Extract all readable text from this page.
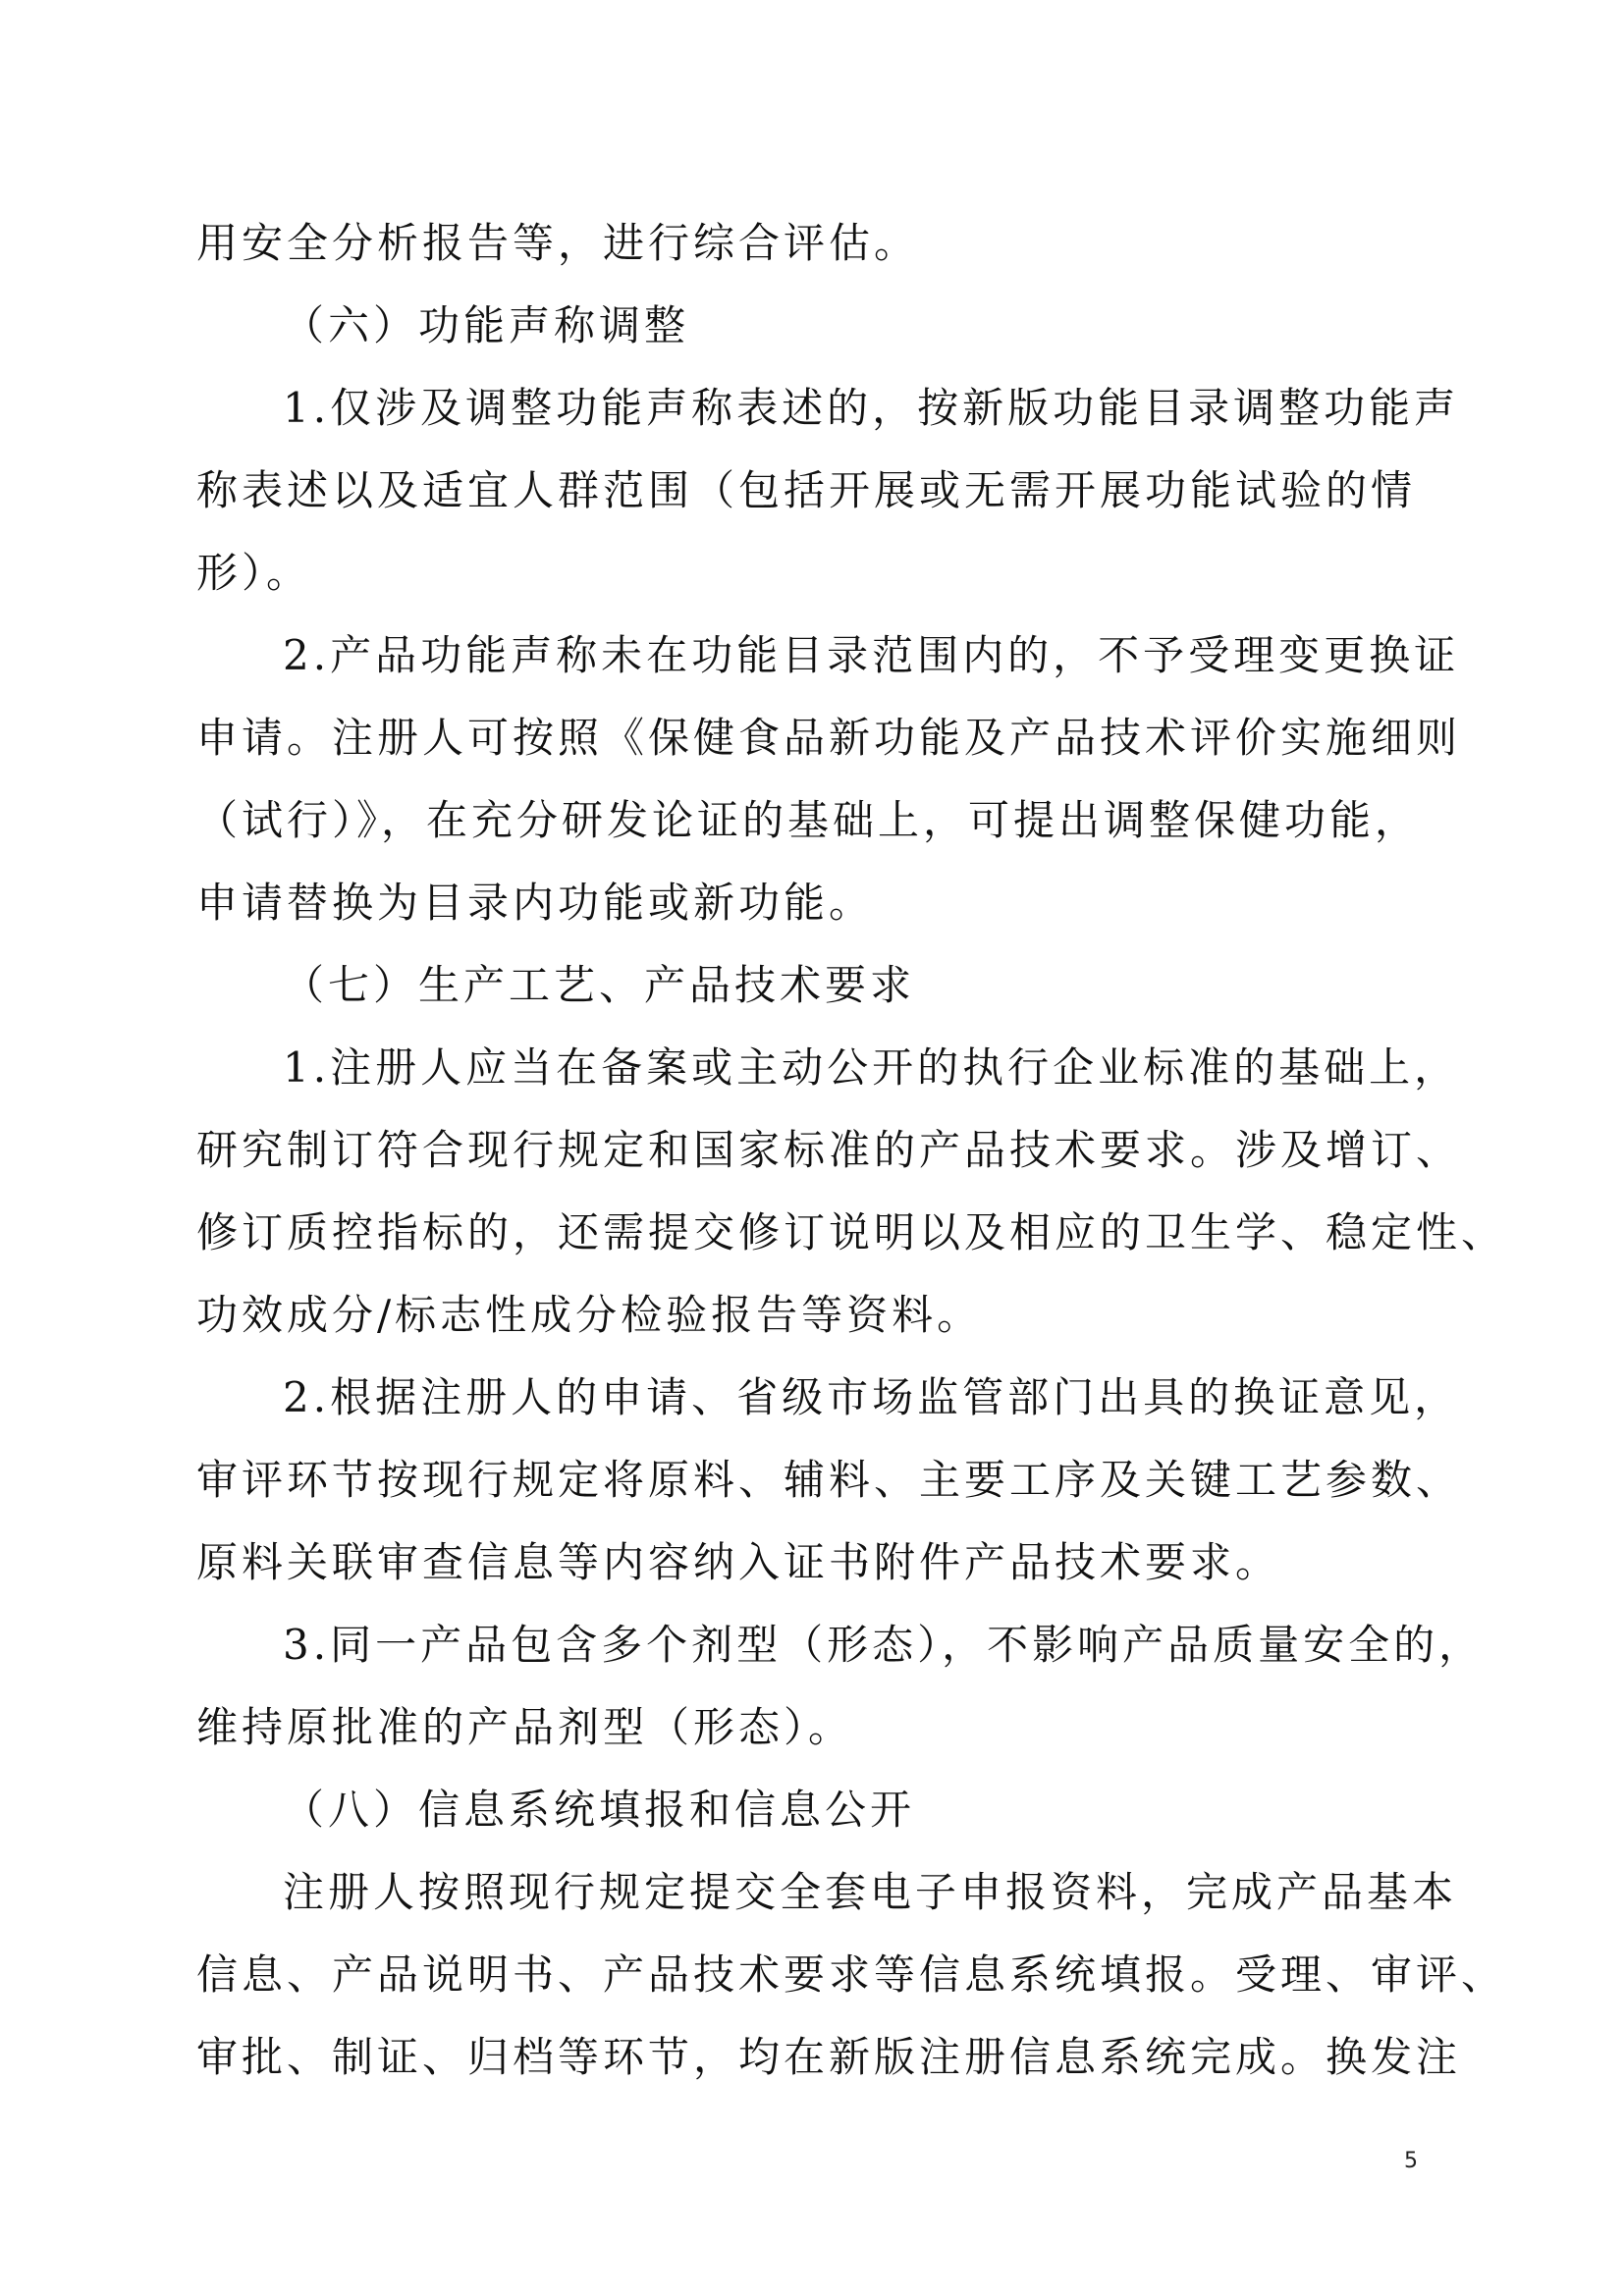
用安全分析报告等，进行综合评估。
（六）功能声称调整
1.仅涉及调整功能声称表述的，按新版功能目录调整功能声
称表述以及适宜人群范围（包括开展或无需开展功能试验的情
形）。
2.产品功能声称未在功能目录范围内的，不予受理变更换证
申请。注册人可按照《保健食品新功能及产品技术评价实施细则
（试行）》，在充分研发论证的基础上，可提出调整保健功能，
申请替换为目录内功能或新功能。
（七）生产工艺、产品技术要求
1.注册人应当在备案或主动公开的执行企业标准的基础上，
研究制订符合现行规定和国家标准的产品技术要求。涉及增订、
修订质控指标的，还需提交修订说明以及相应的卫生学、稳定性、
功效成分/标志性成分检验报告等资料。
2.根据注册人的申请、省级市场监管部门出具的换证意见，
审评环节按现行规定将原料、辅料、主要工序及关键工艺参数、
原料关联审查信息等内容纳入证书附件产品技术要求。
3.同一产品包含多个剂型（形态），不影响产品质量安全的，
维持原批准的产品剂型（形态）。
（八）信息系统填报和信息公开
注册人按照现行规定提交全套电子申报资料，完成产品基本
信息、产品说明书、产品技术要求等信息系统填报。受理、审评、
审批、制证、归档等环节，均在新版注册信息系统完成。换发注
5
